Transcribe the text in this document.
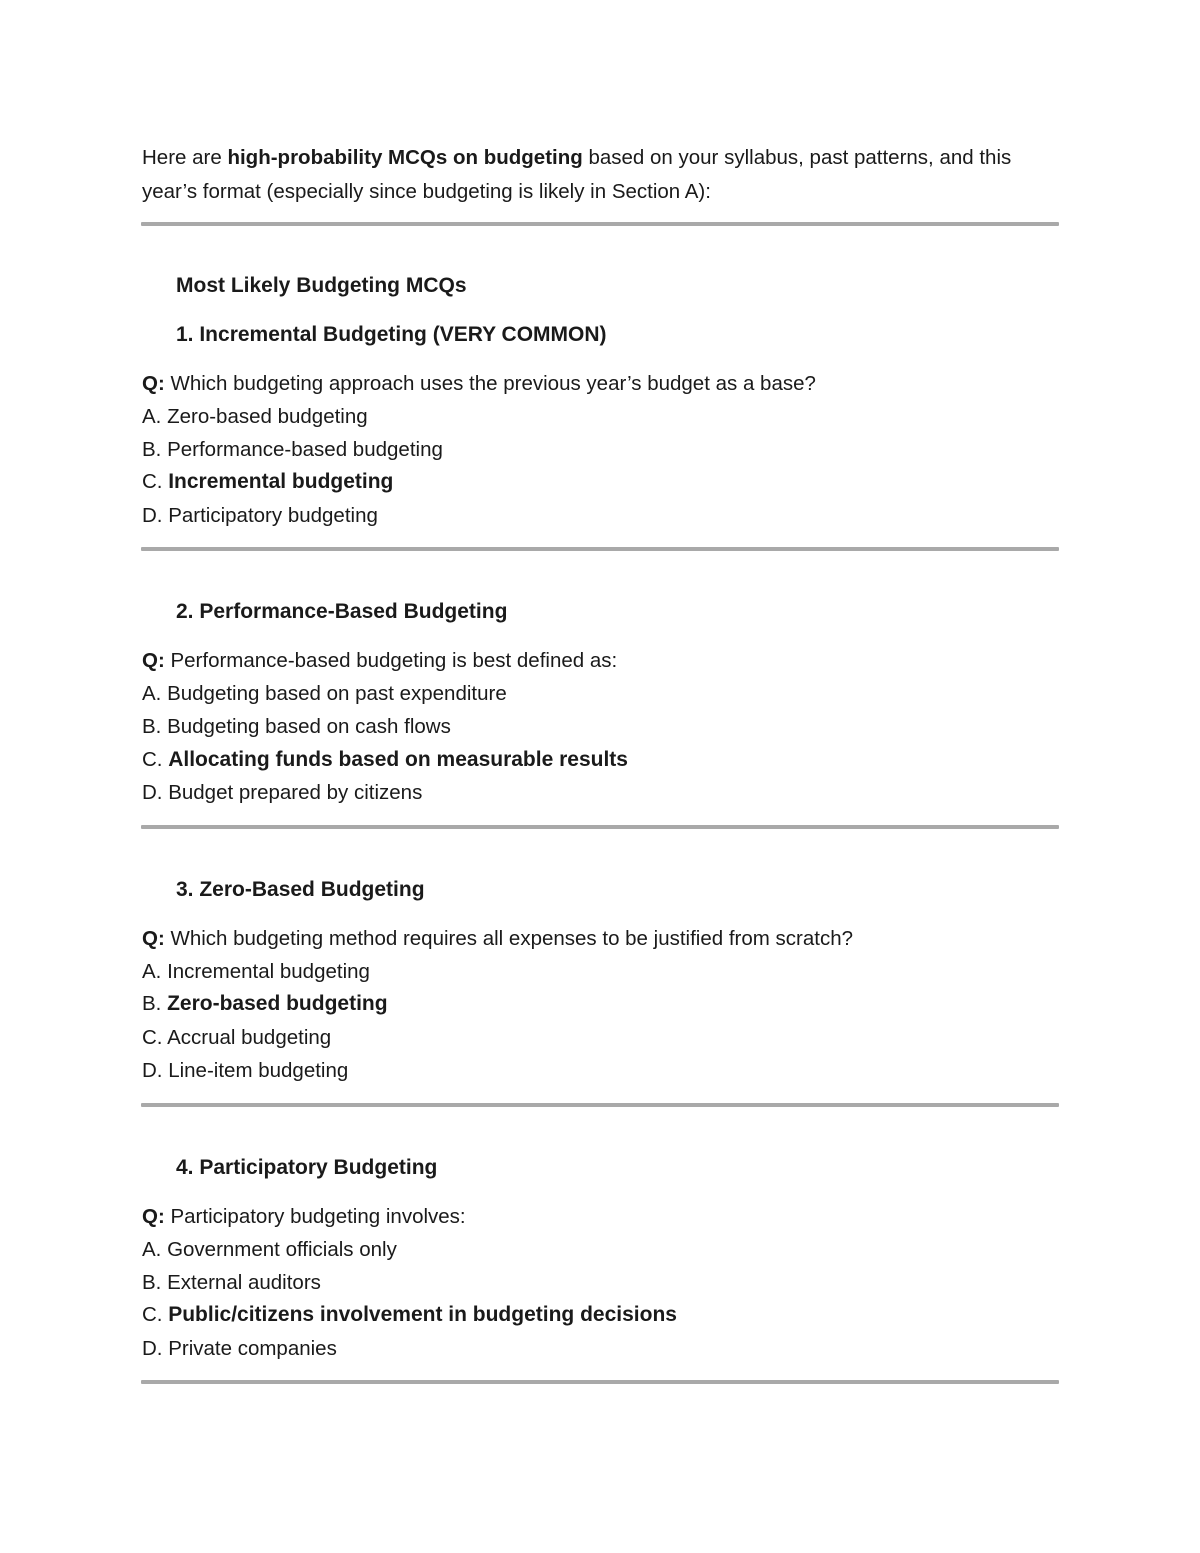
Here are high-probability MCQs on budgeting based on your syllabus, past patterns, and this
year’s format (especially since budgeting is likely in Section A):

Most Likely Budgeting MCQs

1. Incremental Budgeting (VERY COMMON)

Q: Which budgeting approach uses the previous year’s budget as a base?

A. Zero-based budgeting

B. Performance-based budgeting

C. Incremental budgeting

D. Participatory budgeting

2. Performance-Based Budgeting

Q: Performance-based budgeting is best defined as:

A. Budgeting based on past expenditure

B. Budgeting based on cash flows

C. Allocating funds based on measurable results

D. Budget prepared by citizens

3. Zero-Based Budgeting

Q: Which budgeting method requires all expenses to be justified from scratch?

A. Incremental budgeting

B. Zero-based budgeting

C. Accrual budgeting

D. Line-item budgeting

4. Participatory Budgeting

Q: Participatory budgeting involves:

A. Government officials only

B. External auditors

C. Public/citizens involvement in budgeting decisions

D. Private companies
